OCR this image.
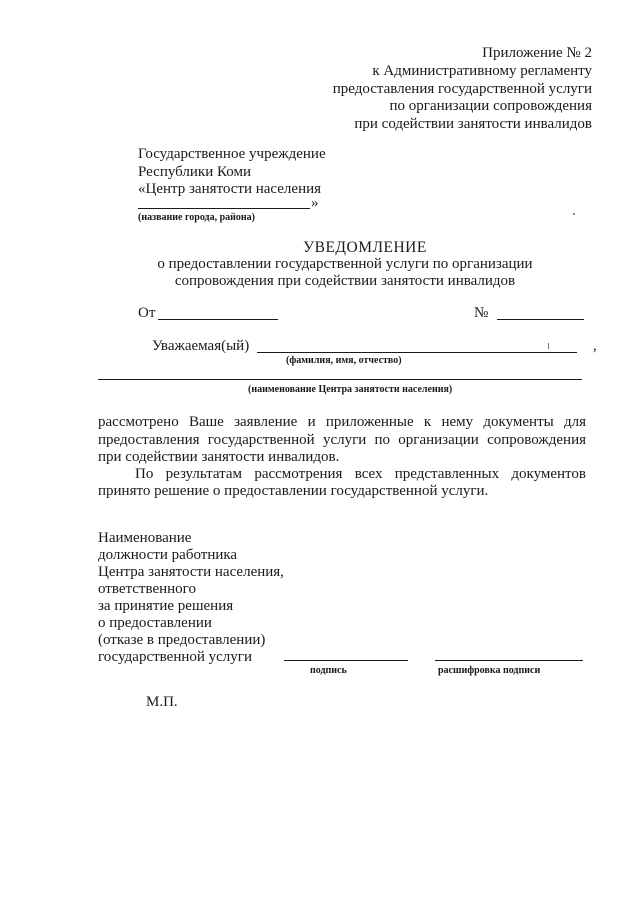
Приложение № 2
к Административному регламенту
предоставления государственной услуги
по организации сопровождения
при содействии занятости инвалидов
Государственное учреждение
Республики Коми
«Центр занятости населения
»
(название города, района)
УВЕДОМЛЕНИЕ
о предоставлении государственной услуги по организации
сопровождения при содействии занятости инвалидов
От	№
Уважаемая(ый)	,
(фамилия, имя, отчество)
(наименование Центра занятости населения)
рассмотрено Ваше заявление и приложенные к нему документы для
предоставления государственной услуги по организации сопровождения
при содействии занятости инвалидов.
По результатам рассмотрения всех представленных документов
принято решение о предоставлении государственной услуги.
Наименование
должности работника
Центра занятости населения,
ответственного
за принятие решения
о предоставлении
(отказе в предоставлении)
государственной услуги
подпись	расшифровка подписи
М.П.
